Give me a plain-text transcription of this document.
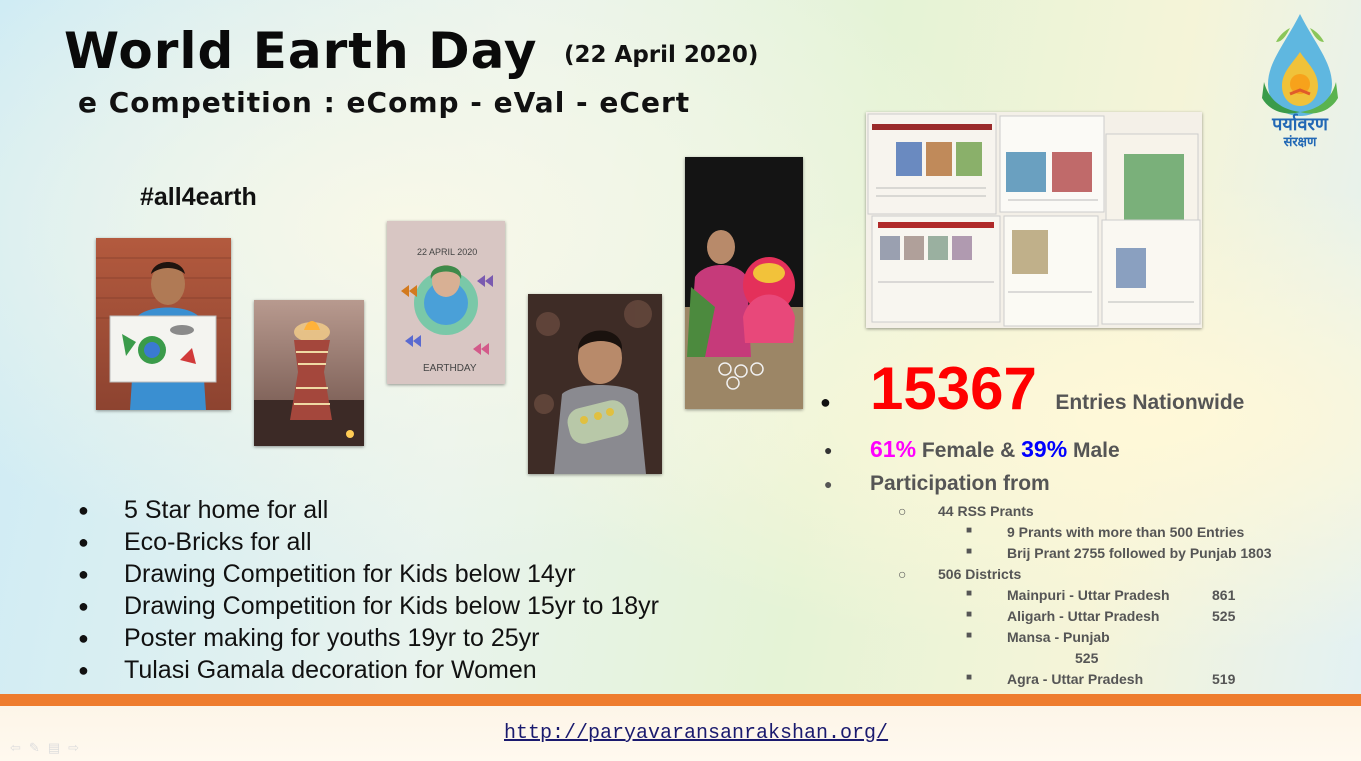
World Earth Day (22 April 2020)
e Competition : eComp - eVal - eCert
#all4earth
पर्यावरण
संरक्षण
22 APRIL 2020
EARTHDAY
● 5 Star home for all
● Eco-Bricks for all
● Drawing Competition for Kids below 14yr
● Drawing Competition for Kids below 15yr to 18yr
● Poster making for youths 19yr to 25yr
● Tulasi Gamala decoration for Women
● 15367 Entries Nationwide
● 61% Female & 39% Male
● Participation from
○ 44 RSS Prants
■ 9 Prants with more than 500 Entries
■ Brij Prant 2755 followed by Punjab 1803
○ 506 Districts
■ Mainpuri - Uttar Pradesh	861
■ Aligarh - Uttar Pradesh	525
■ Mansa - Punjab
525
■ Agra - Uttar Pradesh	519
http://paryavaransanrakshan.org/
⇦✎▤⇨
